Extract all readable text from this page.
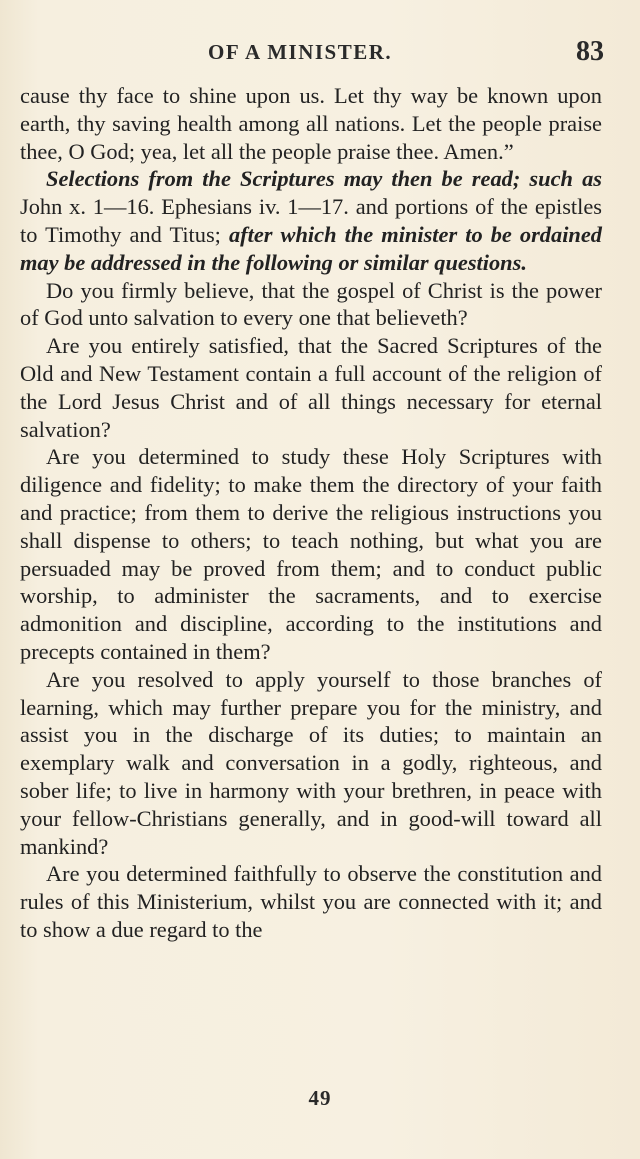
OF A MINISTER.	83

cause thy face to shine upon us. Let thy way be known upon earth, thy saving health among all nations. Let the people praise thee, O God; yea, let all the people praise thee. Amen.”

Selections from the Scriptures may then be read; such as John x. 1—16. Ephesians iv. 1—17. and portions of the epistles to Timothy and Titus; after which the minister to be ordained may be addressed in the following or similar questions.

Do you firmly believe, that the gospel of Christ is the power of God unto salvation to every one that believeth?

Are you entirely satisfied, that the Sacred Scriptures of the Old and New Testament contain a full account of the religion of the Lord Jesus Christ and of all things necessary for eternal salvation?

Are you determined to study these Holy Scriptures with diligence and fidelity; to make them the directory of your faith and practice; from them to derive the religious instructions you shall dispense to others; to teach nothing, but what you are persuaded may be proved from them; and to conduct public worship, to administer the sacraments, and to exercise admonition and discipline, according to the institutions and precepts contained in them?

Are you resolved to apply yourself to those branches of learning, which may further prepare you for the ministry, and assist you in the discharge of its duties; to maintain an exemplary walk and conversation in a godly, righteous, and sober life; to live in harmony with your brethren, in peace with your fellow-Christians generally, and in good-will toward all mankind?

Are you determined faithfully to observe the constitution and rules of this Ministerium, whilst you are connected with it; and to show a due regard to the

49
